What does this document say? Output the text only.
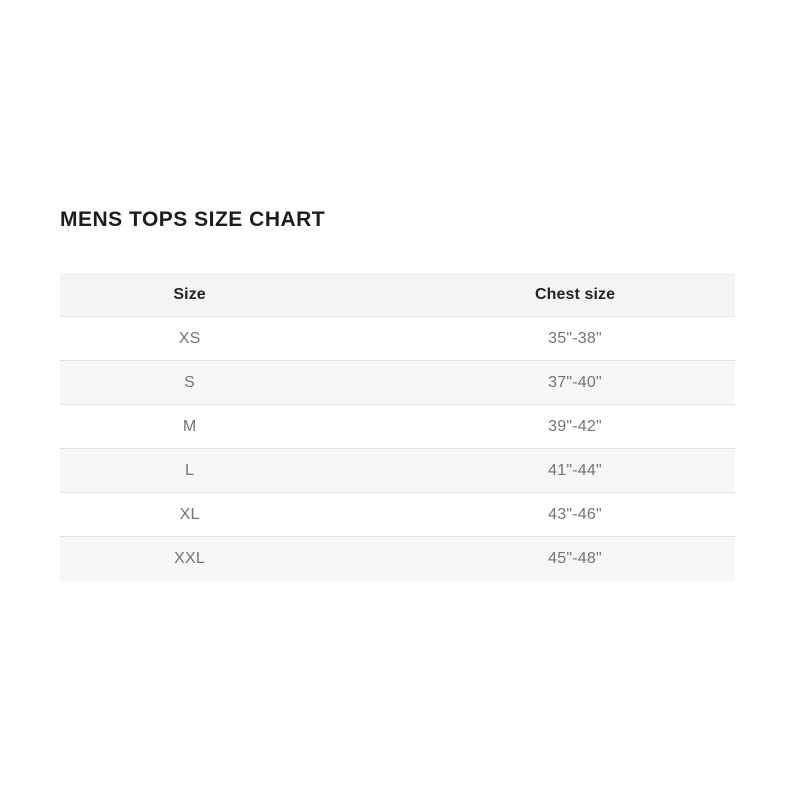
MENS TOPS SIZE CHART
Size	Chest size
XS	35"-38"
S	37"-40"
M	39"-42"
L	41"-44"
XL	43"-46"
XXL	45"-48"
